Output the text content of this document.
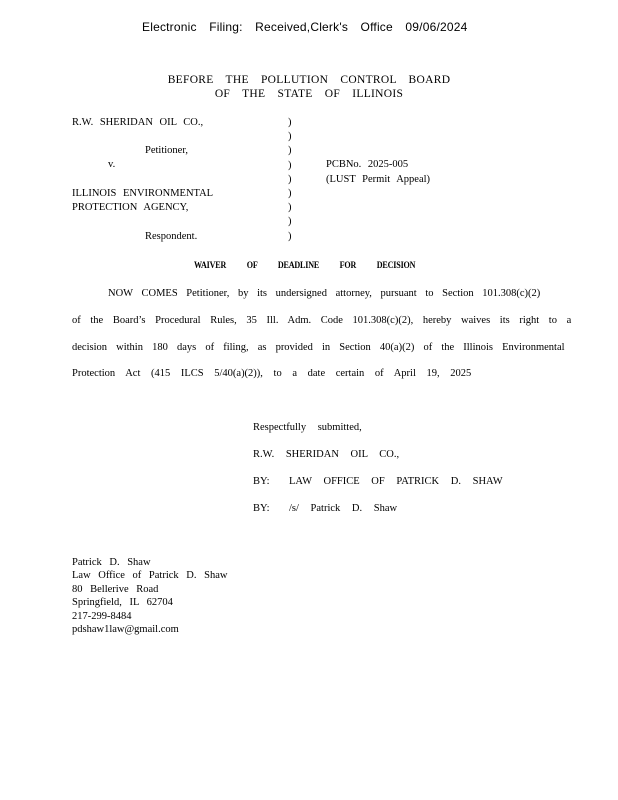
Electronic Filing: Received,Clerk's Office 09/06/2024
BEFORE THE POLLUTION CONTROL BOARD
OF THE STATE OF ILLINOIS
R.W. SHERIDAN OIL CO.,
Petitioner,
v.
ILLINOIS ENVIRONMENTAL
PROTECTION AGENCY,
Respondent.
)
)
)
)
)
)
)
)
)
PCBNo. 2025-005
(LUST Permit Appeal)
WAIVER OF DEADLINE FOR DECISION
NOW COMES Petitioner, by its undersigned attorney, pursuant to Section 101.308(c)(2)
of the Board’s Procedural Rules, 35 Ill. Adm. Code 101.308(c)(2), hereby waives its right to a
decision within 180 days of filing, as provided in Section 40(a)(2) of the Illinois Environmental
Protection Act (415 ILCS 5/40(a)(2)), to a date certain of April 19, 2025
Respectfully submitted,
R.W. SHERIDAN OIL CO.,
BY: LAW OFFICE OF PATRICK D. SHAW
BY: /s/ Patrick D. Shaw
Patrick D. Shaw
Law Office of Patrick D. Shaw
80 Bellerive Road
Springfield, IL 62704
217-299-8484
pdshaw1law@gmail.com
